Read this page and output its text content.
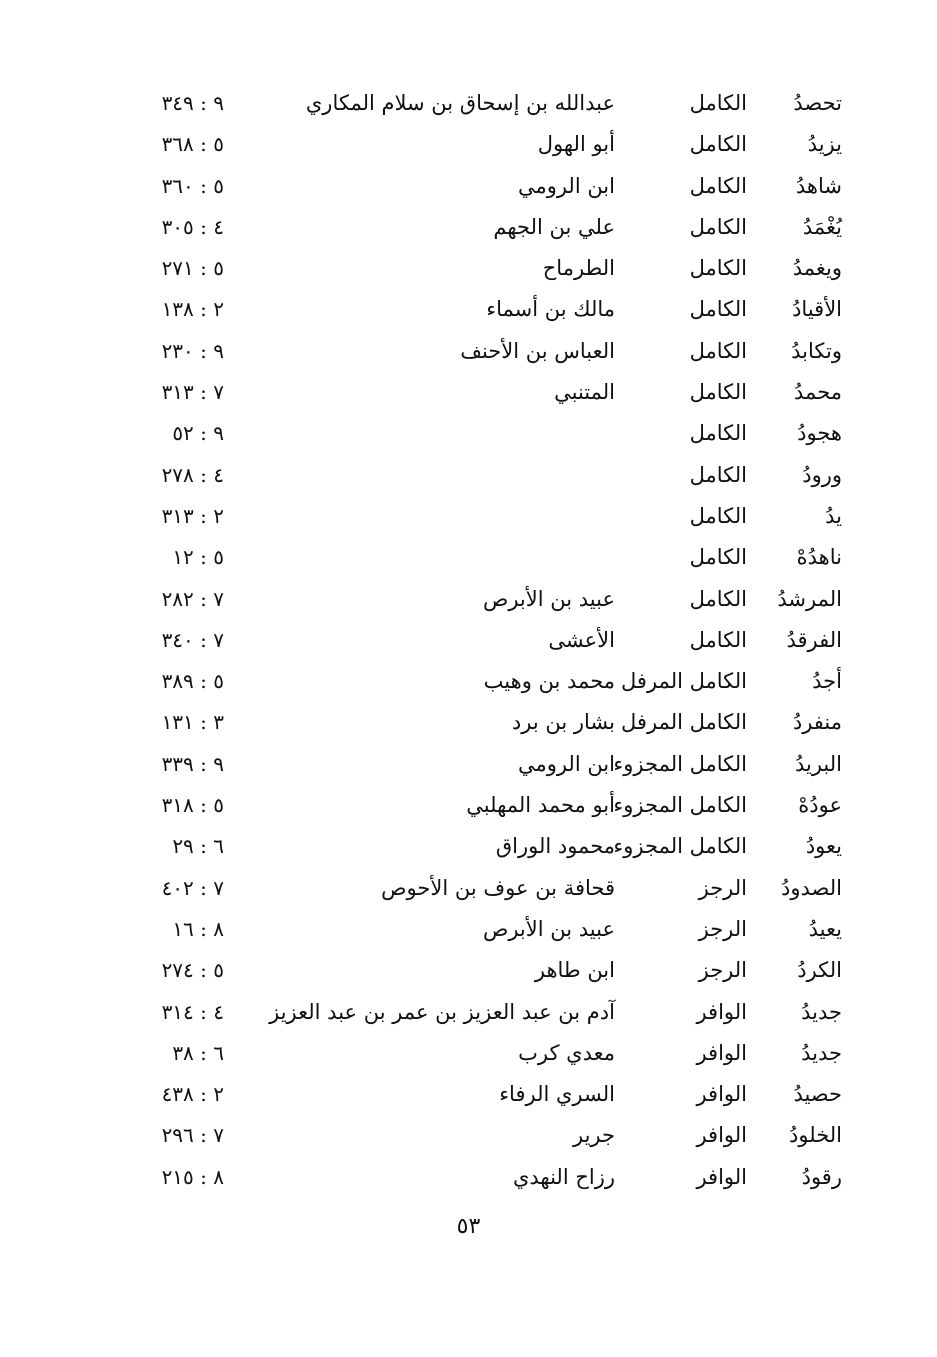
تحصدُ
الكامل
عبدالله بن إسحاق بن سلام المكاري
٩ : ٣٤٩
يزيدُ
الكامل
أبو الهول
٥ : ٣٦٨
شاهدُ
الكامل
ابن الرومي
٥ : ٣٦٠
يُغْمَدُ
الكامل
علي بن الجهم
٤ : ٣٠٥
ويغمدُ
الكامل
الطرماح
٥ : ٢٧١
الأقيادُ
الكامل
مالك بن أسماء
٢ : ١٣٨
وتكابدُ
الكامل
العباس بن الأحنف
٩ : ٢٣٠
محمدُ
الكامل
المتنبي
٧ : ٣١٣
هجودُ
الكامل
٩ : ٥٢
ورودُ
الكامل
٤ : ٢٧٨
يدُ
الكامل
٢ : ٣١٣
ناهدُهْ
الكامل
٥ : ١٢
المرشدُ
الكامل
عبيد بن الأبرص
٧ : ٢٨٢
الفرقدُ
الكامل
الأعشى
٧ : ٣٤٠
أجدُ
الكامل المرفل
محمد بن وهيب
٥ : ٣٨٩
منفردُ
الكامل المرفل
بشار بن برد
٣ : ١٣١
البريدُ
الكامل المجزوء
ابن الرومي
٩ : ٣٣٩
عودُهْ
الكامل المجزوء
أبو محمد المهلبي
٥ : ٣١٨
يعودُ
الكامل المجزوء
محمود الوراق
٦ : ٢٩
الصدودُ
الرجز
قحافة بن عوف بن الأحوص
٧ : ٤٠٢
يعيدُ
الرجز
عبيد بن الأبرص
٨ : ١٦
الكردُ
الرجز
ابن طاهر
٥ : ٢٧٤
جديدُ
الوافر
آدم بن عبد العزيز بن عمر بن عبد العزيز
٤ : ٣١٤
جديدُ
الوافر
معدي كرب
٦ : ٣٨
حصيدُ
الوافر
السري الرفاء
٢ : ٤٣٨
الخلودُ
الوافر
جرير
٧ : ٢٩٦
رقودُ
الوافر
رزاح النهدي
٨ : ٢١٥
٥٣
